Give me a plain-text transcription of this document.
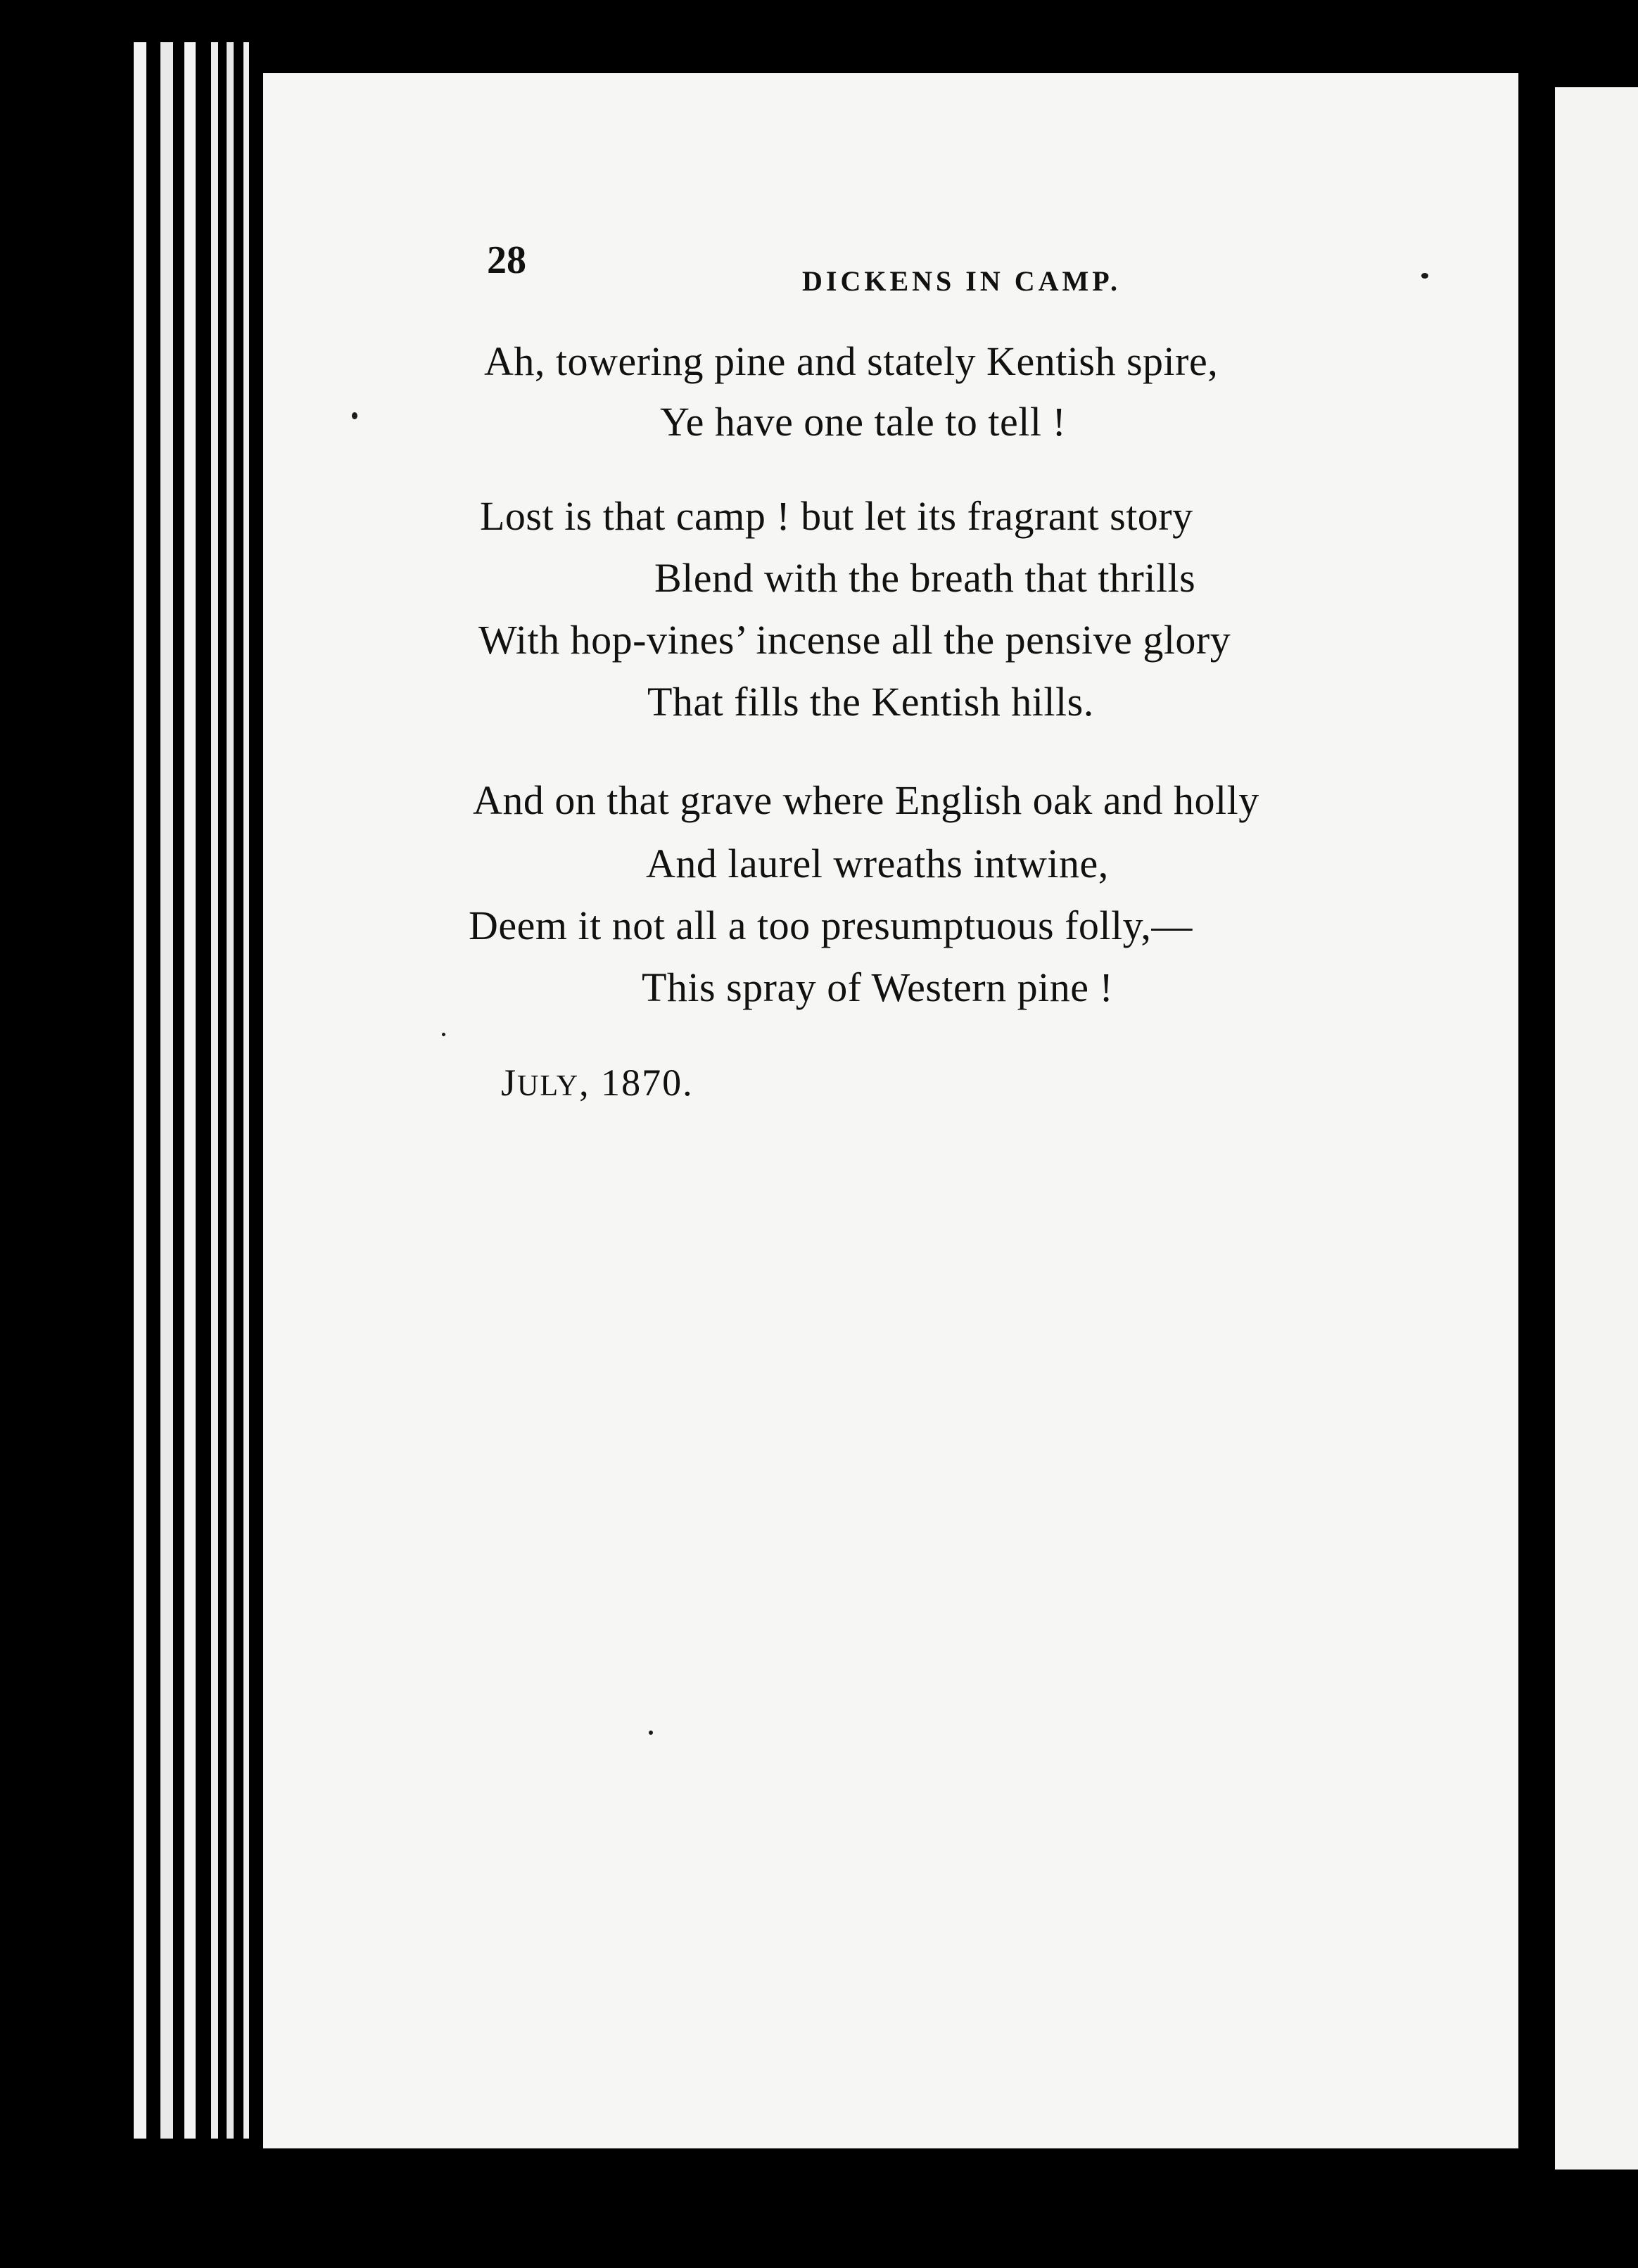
28	DICKENS IN CAMP.
Ah, towering pine and stately Kentish spire,
Ye have one tale to tell !
Lost is that camp ! but let its fragrant story
Blend with the breath that thrills
With hop-vines’ incense all the pensive glory
That fills the Kentish hills.
And on that grave where English oak and holly
And laurel wreaths intwine,
Deem it not all a too presumptuous folly,—
This spray of Western pine !
JULY, 1870.
